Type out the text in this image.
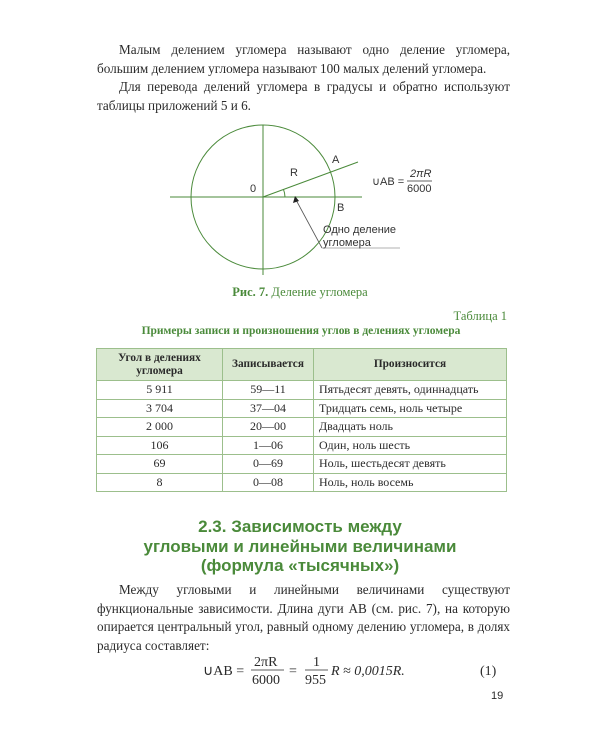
Малым делением угломера называют одно деление угломера, большим делением угломера называют 100 малых делений угломера.
Для перевода делений угломера в градусы и обратно используют таблицы приложений 5 и 6.
A
B
R
0
∪AB =
2πR
6000
Одно деление
угломера
Рис. 7. Деление угломера
Таблица 1
Примеры записи и произношения углов в делениях угломера
Угол в делениях угломера	Записывается	Произносится
5 911	59—11	Пятьдесят девять, одиннадцать
3 704	37—04	Тридцать семь, ноль четыре
2 000	20—00	Двадцать ноль
106	1—06	Один, ноль шесть
69	0—69	Ноль, шестьдесят девять
8	0—08	Ноль, ноль восемь
2.3. Зависимость между
угловыми и линейными величинами
(формула «тысячных»)
Между угловыми и линейными величинами существуют функциональные зависимости. Длина дуги AB (см. рис. 7), на которую опирается центральный угол, равный одному делению угломера, в долях радиуса составляет:
∪AB =
2πR
6000
=
1
955
R ≈ 0,0015R.	(1)
19
